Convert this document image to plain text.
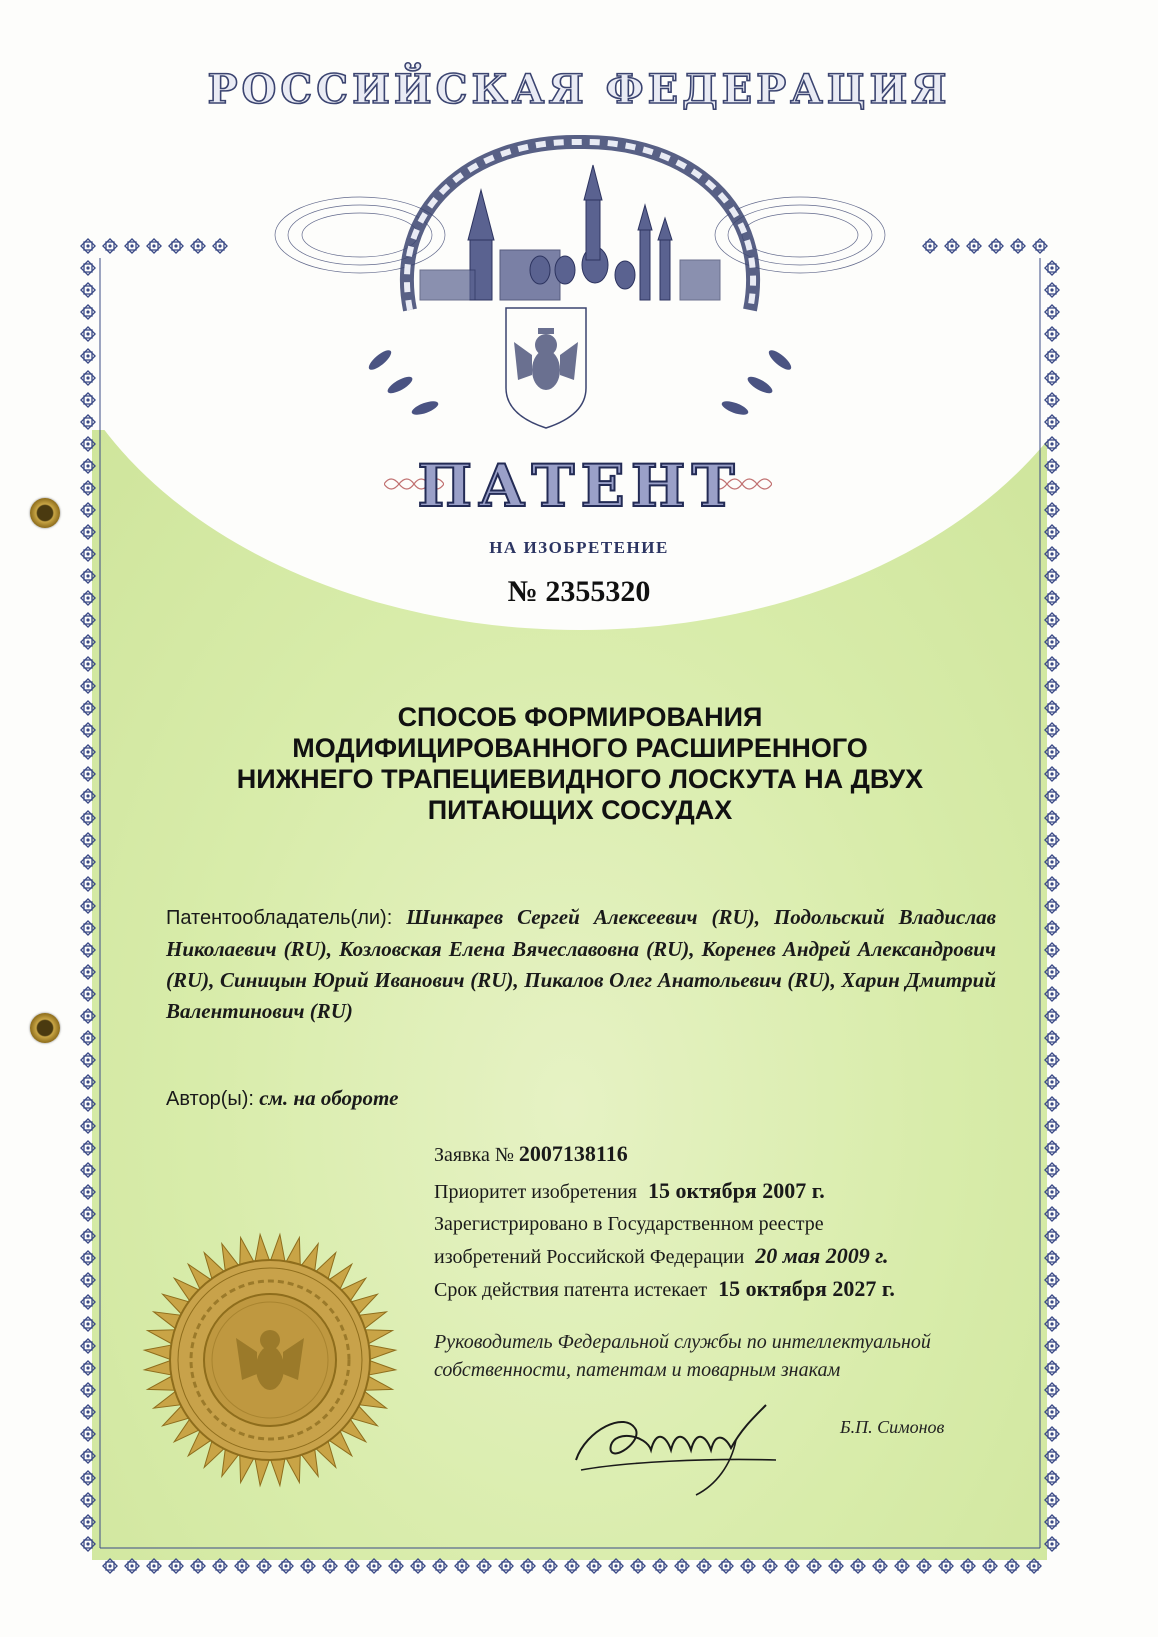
РОССИЙСКАЯ ФЕДЕРАЦИЯ
ПАТЕНТ
НА ИЗОБРЕТЕНИЕ
№ 2355320
СПОСОБ ФОРМИРОВАНИЯ
МОДИФИЦИРОВАННОГО РАСШИРЕННОГО
НИЖНЕГО ТРАПЕЦИЕВИДНОГО ЛОСКУТА НА ДВУХ
ПИТАЮЩИХ СОСУДАХ
Патентообладатель(ли): Шинкарев Сергей Алексеевич (RU), Подольский Владислав Николаевич (RU), Козловская Елена Вячеславовна (RU), Коренев Андрей Александрович (RU), Синицын Юрий Иванович (RU), Пикалов Олег Анатольевич (RU), Харин Дмитрий Валентинович (RU)
Автор(ы): см. на обороте
Заявка № 2007138116
Приоритет изобретения 15 октября 2007 г.
Зарегистрировано в Государственном реестре
изобретений Российской Федерации 20 мая 2009 г.
Срок действия патента истекает 15 октября 2027 г.
Руководитель Федеральной службы по интеллектуальной
собственности, патентам и товарным знакам
Б.П. Симонов
